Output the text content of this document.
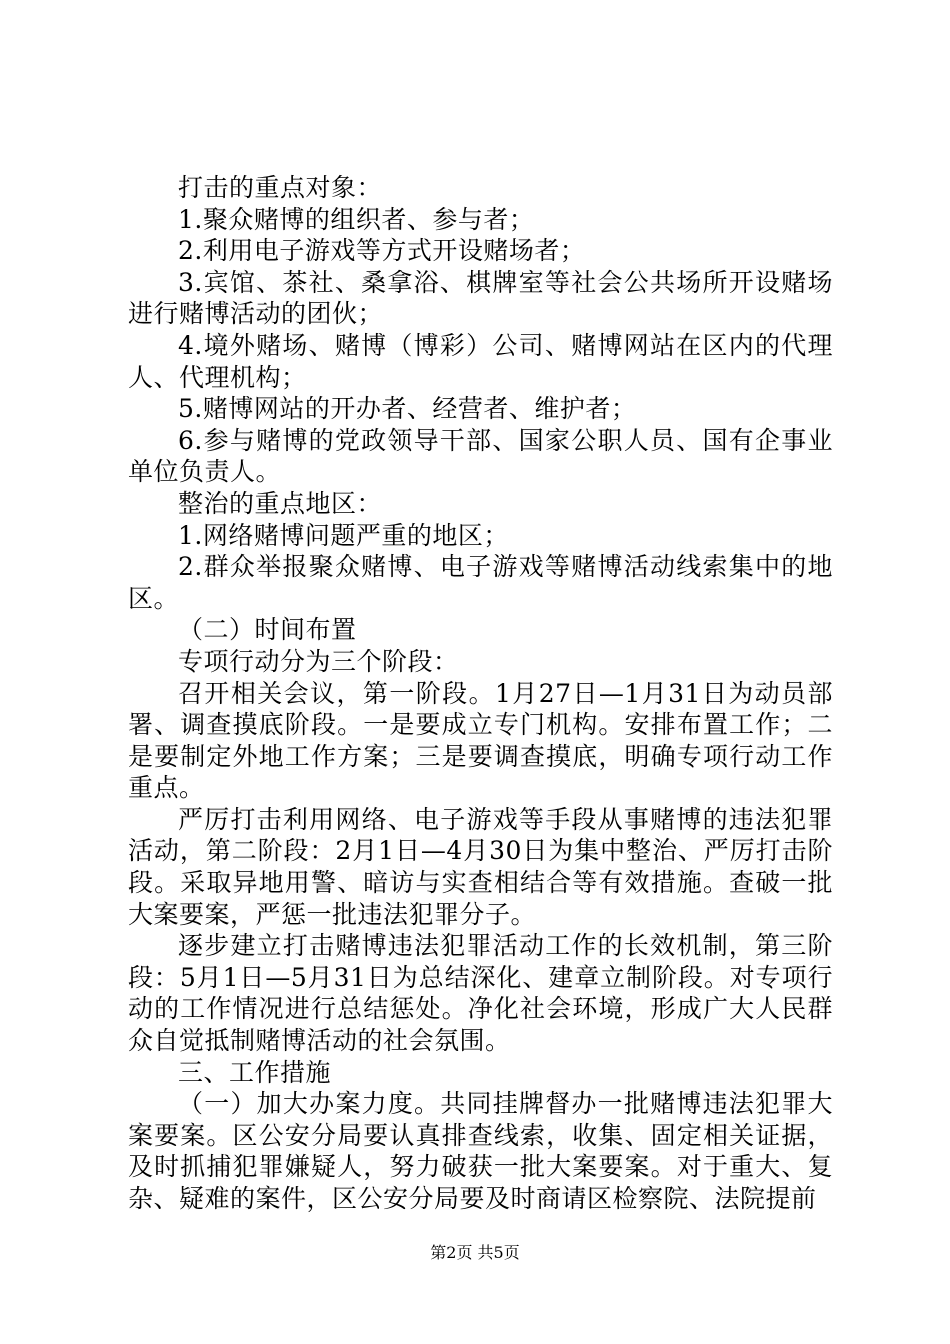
打击的重点对象：

1.聚众赌博的组织者、参与者；

2.利用电子游戏等方式开设赌场者；

3.宾馆、茶社、桑拿浴、棋牌室等社会公共场所开设赌场进行赌博活动的团伙；

4.境外赌场、赌博（博彩）公司、赌博网站在区内的代理人、代理机构；

5.赌博网站的开办者、经营者、维护者；

6.参与赌博的党政领导干部、国家公职人员、国有企事业单位负责人。

整治的重点地区：

1.网络赌博问题严重的地区；

2.群众举报聚众赌博、电子游戏等赌博活动线索集中的地区。

（二）时间布置

专项行动分为三个阶段：

召开相关会议，第一阶段。1月27日—1月31日为动员部署、调查摸底阶段。一是要成立专门机构。安排布置工作；二是要制定外地工作方案；三是要调查摸底，明确专项行动工作重点。

严厉打击利用网络、电子游戏等手段从事赌博的违法犯罪活动，第二阶段：2月1日—4月30日为集中整治、严厉打击阶段。采取异地用警、暗访与实查相结合等有效措施。查破一批大案要案，严惩一批违法犯罪分子。

逐步建立打击赌博违法犯罪活动工作的长效机制，第三阶段：5月1日—5月31日为总结深化、建章立制阶段。对专项行动的工作情况进行总结惩处。净化社会环境，形成广大人民群众自觉抵制赌博活动的社会氛围。

三、工作措施

（一）加大办案力度。共同挂牌督办一批赌博违法犯罪大案要案。区公安分局要认真排查线索，收集、固定相关证据，及时抓捕犯罪嫌疑人，努力破获一批大案要案。对于重大、复杂、疑难的案件，区公安分局要及时商请区检察院、法院提前

第2页 共5页
